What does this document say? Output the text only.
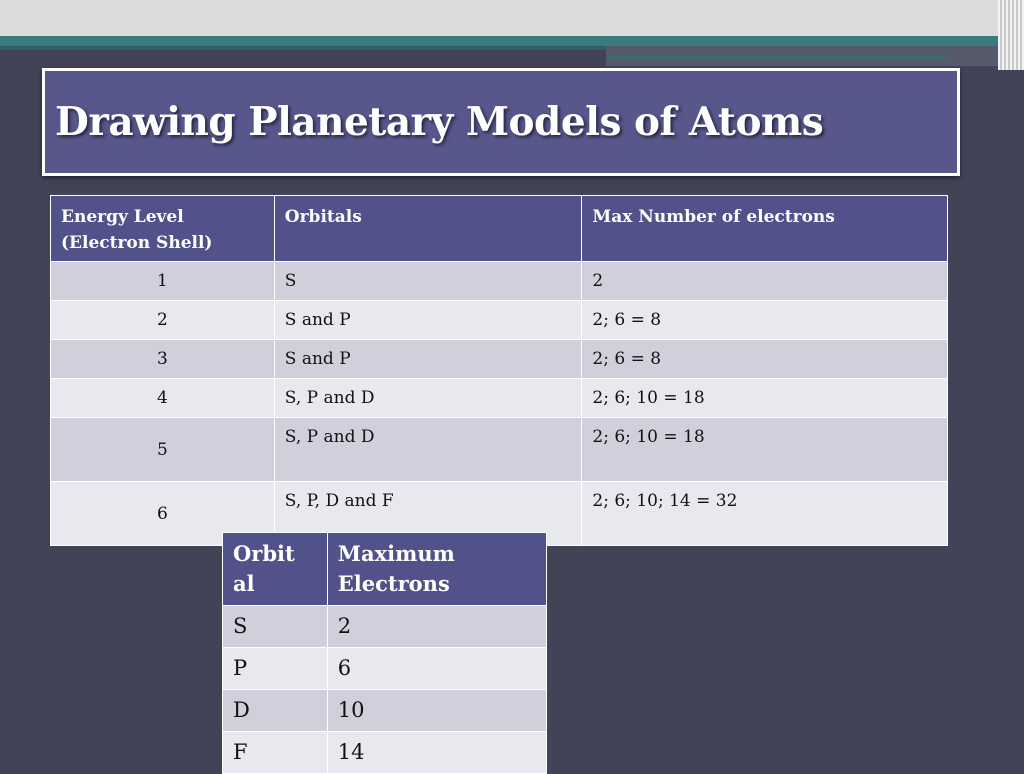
Drawing Planetary Models of Atoms
Energy Level (Electron Shell)	Orbitals	Max Number of electrons
1	S	2
2	S and P	2; 6 = 8
3	S and P	2; 6 = 8
4	S, P and D	2; 6; 10 = 18
5	S, P and D	2; 6; 10 = 18
6	S, P, D and F	2; 6; 10; 14 = 32
Orbit al	Maximum Electrons
S	2
P	6
D	10
F	14
